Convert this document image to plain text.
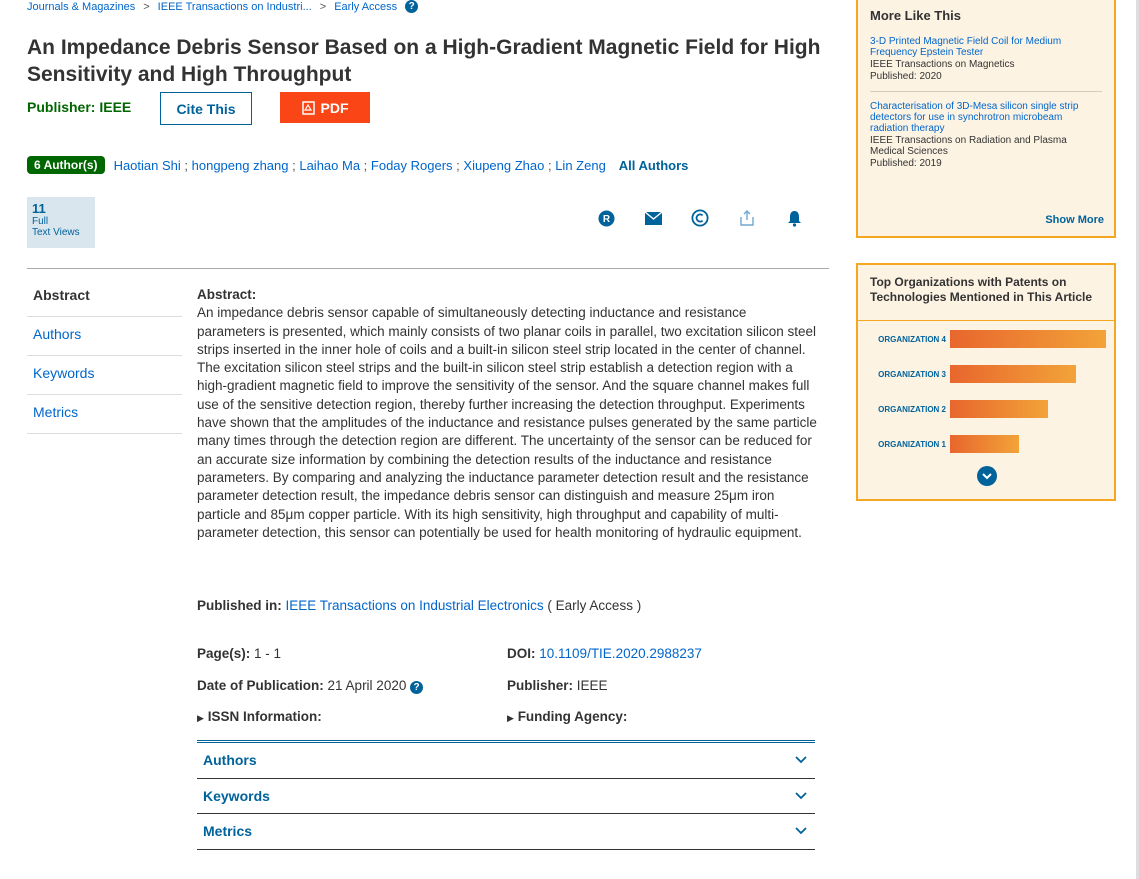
Journals & Magazines > IEEE Transactions on Industri... > Early Access	?
An Impedance Debris Sensor Based on a High-Gradient Magnetic Field for High Sensitivity and High Throughput
Publisher: IEEE	Cite This	PDF
6 Author(s)	Haotian Shi ; hongpeng zhang ; Laihao Ma ; Foday Rogers ; Xiupeng Zhao ; Lin Zeng All Authors
11
Full
Text Views
R
Abstract
Authors
Keywords
Metrics
Abstract:
An impedance debris sensor capable of simultaneously detecting inductance and resistance parameters is presented, which mainly consists of two planar coils in parallel, two excitation silicon steel strips inserted in the inner hole of coils and a built-in silicon steel strip located in the center of channel. The excitation silicon steel strips and the built-in silicon steel strip establish a detection region with a high-gradient magnetic field to improve the sensitivity of the sensor. And the square channel makes full use of the sensitive detection region, thereby further increasing the detection throughput. Experiments have shown that the amplitudes of the inductance and resistance pulses generated by the same particle many times through the detection region are different. The uncertainty of the sensor can be reduced for an accurate size information by combining the detection results of the inductance and resistance parameters. By comparing and analyzing the inductance parameter detection result and the resistance parameter detection result, the impedance debris sensor can distinguish and measure 25μm iron particle and 85μm copper particle. With its high sensitivity, high throughput and capability of multi-parameter detection, this sensor can potentially be used for health monitoring of hydraulic equipment.
Published in: IEEE Transactions on Industrial Electronics ( Early Access )
Page(s): 1 - 1	DOI: 10.1109/TIE.2020.2988237
Date of Publication: 21 April 2020 ?	Publisher: IEEE
▶ ISSN Information:	▶ Funding Agency:
Authors
Keywords
Metrics
More Like This
3-D Printed Magnetic Field Coil for Medium Frequency Epstein Tester
IEEE Transactions on Magnetics
Published: 2020
Characterisation of 3D-Mesa silicon single strip detectors for use in synchrotron microbeam radiation therapy
IEEE Transactions on Radiation and Plasma Medical Sciences
Published: 2019
Show More
Top Organizations with Patents on Technologies Mentioned in This Article
ORGANIZATION 4
ORGANIZATION 3
ORGANIZATION 2
ORGANIZATION 1
